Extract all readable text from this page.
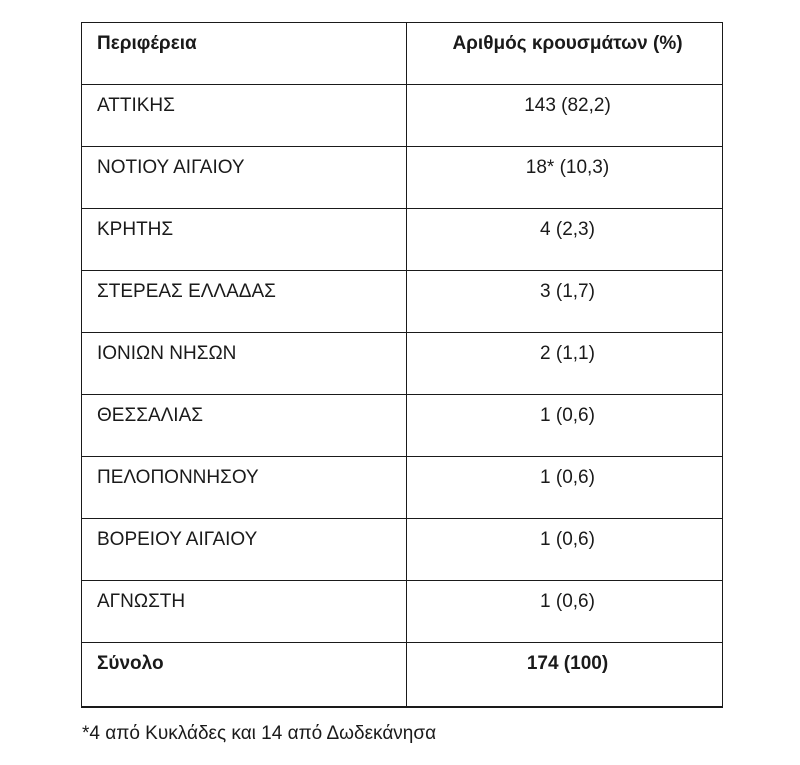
Περιφέρεια	Αριθμός κρουσμάτων (%)

ΑΤΤΙΚΗΣ	143 (82,2)

ΝΟΤΙΟΥ ΑΙΓΑΙΟΥ	18* (10,3)

ΚΡΗΤΗΣ	4 (2,3)

ΣΤΕΡΕΑΣ ΕΛΛΑΔΑΣ	3 (1,7)

ΙΟΝΙΩΝ ΝΗΣΩΝ	2 (1,1)

ΘΕΣΣΑΛΙΑΣ	1 (0,6)

ΠΕΛΟΠΟΝΝΗΣΟΥ	1 (0,6)

ΒΟΡΕΙΟΥ ΑΙΓΑΙΟΥ	1 (0,6)

ΑΓΝΩΣΤΗ	1 (0,6)

Σύνολο	174 (100)
*4 από Κυκλάδες και 14 από Δωδεκάνησα
